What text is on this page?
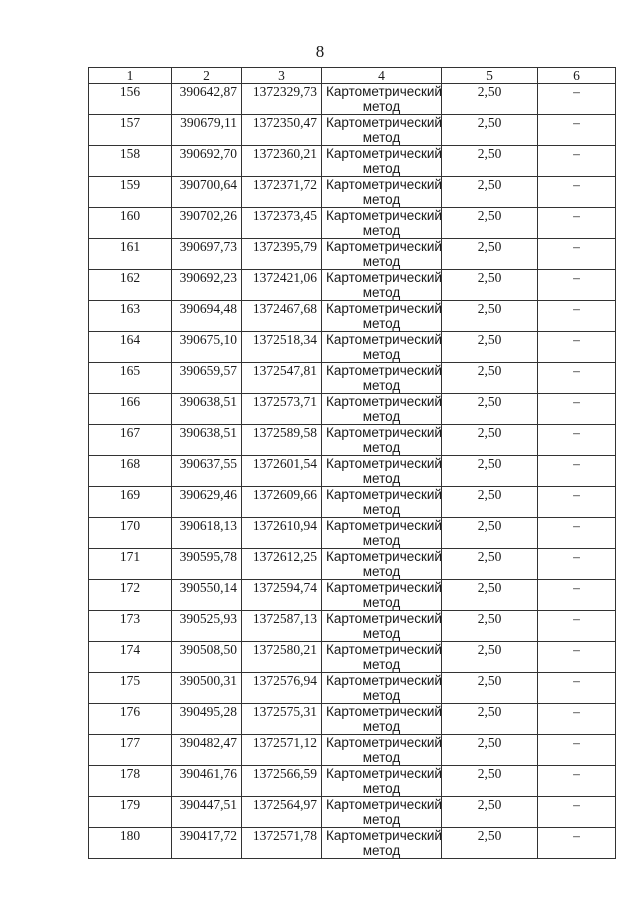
8
1	2	3	4	5	6
156	390642,87	1372329,73	Картометрический метод	2,50	–
157	390679,11	1372350,47	Картометрический метод	2,50	–
158	390692,70	1372360,21	Картометрический метод	2,50	–
159	390700,64	1372371,72	Картометрический метод	2,50	–
160	390702,26	1372373,45	Картометрический метод	2,50	–
161	390697,73	1372395,79	Картометрический метод	2,50	–
162	390692,23	1372421,06	Картометрический метод	2,50	–
163	390694,48	1372467,68	Картометрический метод	2,50	–
164	390675,10	1372518,34	Картометрический метод	2,50	–
165	390659,57	1372547,81	Картометрический метод	2,50	–
166	390638,51	1372573,71	Картометрический метод	2,50	–
167	390638,51	1372589,58	Картометрический метод	2,50	–
168	390637,55	1372601,54	Картометрический метод	2,50	–
169	390629,46	1372609,66	Картометрический метод	2,50	–
170	390618,13	1372610,94	Картометрический метод	2,50	–
171	390595,78	1372612,25	Картометрический метод	2,50	–
172	390550,14	1372594,74	Картометрический метод	2,50	–
173	390525,93	1372587,13	Картометрический метод	2,50	–
174	390508,50	1372580,21	Картометрический метод	2,50	–
175	390500,31	1372576,94	Картометрический метод	2,50	–
176	390495,28	1372575,31	Картометрический метод	2,50	–
177	390482,47	1372571,12	Картометрический метод	2,50	–
178	390461,76	1372566,59	Картометрический метод	2,50	–
179	390447,51	1372564,97	Картометрический метод	2,50	–
180	390417,72	1372571,78	Картометрический метод	2,50	–
